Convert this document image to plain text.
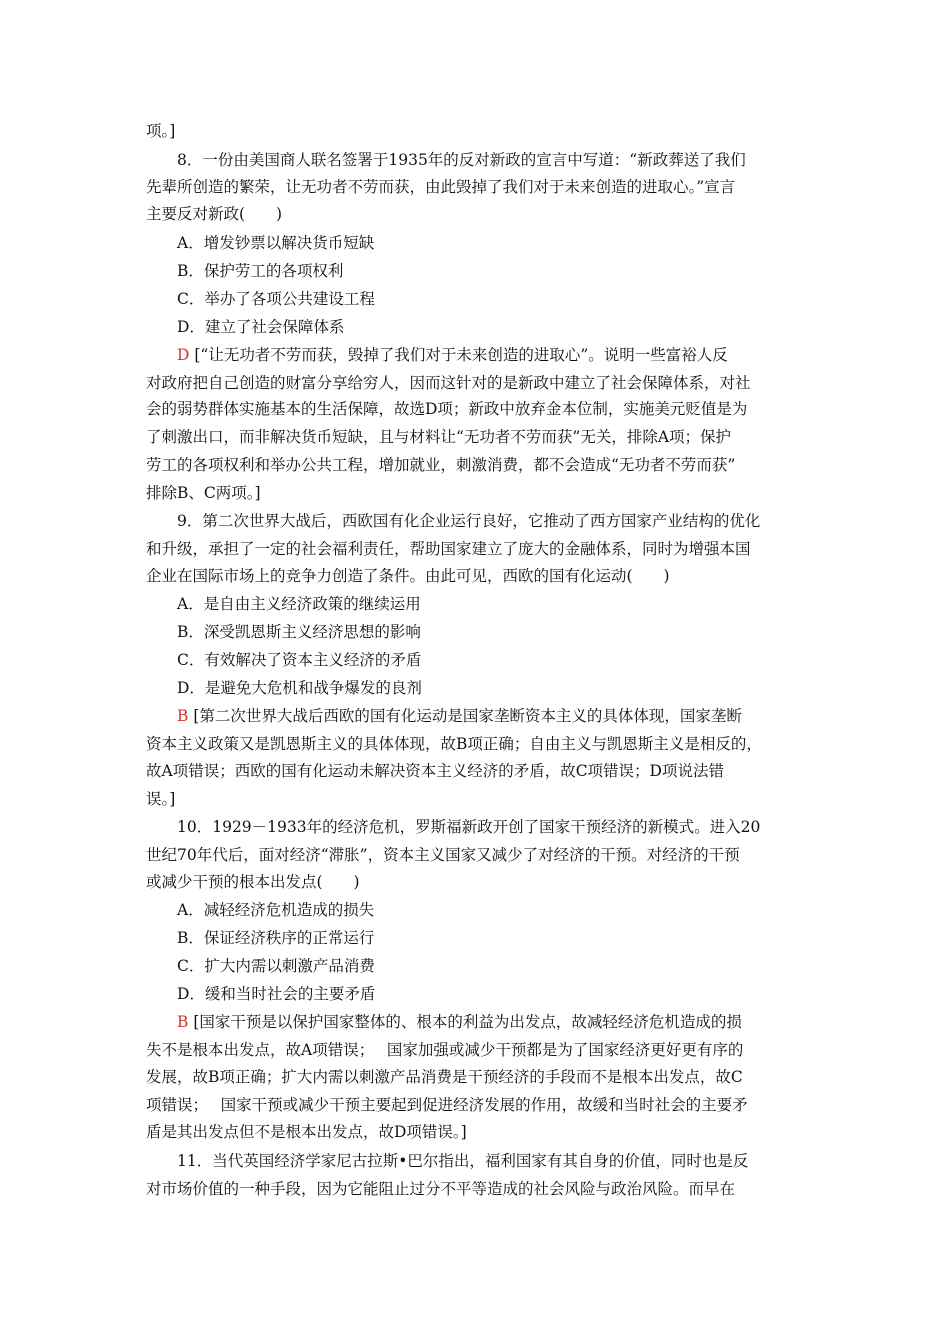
项。]
8．一份由美国商人联名签署于1935年的反对新政的宣言中写道：“新政葬送了我们
先辈所创造的繁荣，让无功者不劳而获，由此毁掉了我们对于未来创造的进取心。”宣言
主要反对新政(　　)
A．增发钞票以解决货币短缺
B．保护劳工的各项权利
C．举办了各项公共建设工程
D．建立了社会保障体系
D [“让无功者不劳而获，毁掉了我们对于未来创造的进取心”。说明一些富裕人反
对政府把自己创造的财富分享给穷人，因而这针对的是新政中建立了社会保障体系，对社
会的弱势群体实施基本的生活保障，故选D项；新政中放弃金本位制，实施美元贬值是为
了刺激出口，而非解决货币短缺，且与材料让“无功者不劳而获”无关，排除A项；保护
劳工的各项权利和举办公共工程，增加就业，刺激消费，都不会造成“无功者不劳而获”
排除B、C两项。]
9．第二次世界大战后，西欧国有化企业运行良好，它推动了西方国家产业结构的优化
和升级，承担了一定的社会福利责任，帮助国家建立了庞大的金融体系，同时为增强本国
企业在国际市场上的竞争力创造了条件。由此可见，西欧的国有化运动(　　)
A．是自由主义经济政策的继续运用
B．深受凯恩斯主义经济思想的影响
C．有效解决了资本主义经济的矛盾
D．是避免大危机和战争爆发的良剂
B [第二次世界大战后西欧的国有化运动是国家垄断资本主义的具体体现，国家垄断
资本主义政策又是凯恩斯主义的具体体现，故B项正确；自由主义与凯恩斯主义是相反的，
故A项错误；西欧的国有化运动未解决资本主义经济的矛盾，故C项错误；D项说法错
误。]
10．1929－1933年的经济危机，罗斯福新政开创了国家干预经济的新模式。进入20
世纪70年代后，面对经济“滞胀”，资本主义国家又减少了对经济的干预。对经济的干预
或减少干预的根本出发点(　　)
A．减轻经济危机造成的损失
B．保证经济秩序的正常运行
C．扩大内需以刺激产品消费
D．缓和当时社会的主要矛盾
B [国家干预是以保护国家整体的、根本的利益为出发点，故减轻经济危机造成的损
失不是根本出发点，故A项错误；　 国家加强或减少干预都是为了国家经济更好更有序的
发展，故B项正确；扩大内需以刺激产品消费是干预经济的手段而不是根本出发点，故C
项错误；　 国家干预或减少干预主要起到促进经济发展的作用，故缓和当时社会的主要矛
盾是其出发点但不是根本出发点，故D项错误。]
11．当代英国经济学家尼古拉斯•巴尔指出，福利国家有其自身的价值，同时也是反
对市场价值的一种手段，因为它能阻止过分不平等造成的社会风险与政治风险。而早在
